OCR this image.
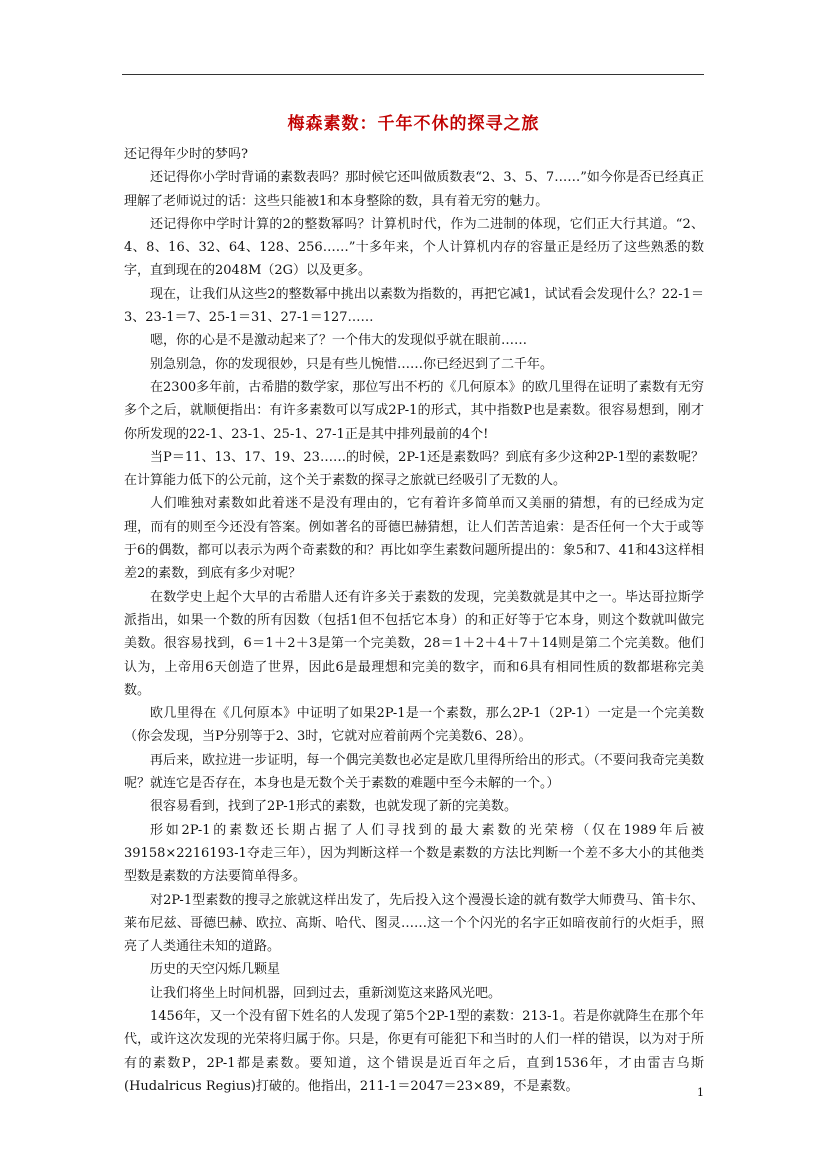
梅森素数：千年不休的探寻之旅

还记得年少时的梦吗?

还记得你小学时背诵的素数表吗？那时候它还叫做质数表“2、3、5、7……”如今你是否已经真正理解了老师说过的话：这些只能被1和本身整除的数，具有着无穷的魅力。

还记得你中学时计算的2的整数幂吗？计算机时代，作为二进制的体现，它们正大行其道。“2、4、8、16、32、64、128、256……”十多年来，个人计算机内存的容量正是经历了这些熟悉的数字，直到现在的2048M（2G）以及更多。

现在，让我们从这些2的整数幂中挑出以素数为指数的，再把它减1，试试看会发现什么？22-1＝3、23-1＝7、25-1＝31、27-1＝127……

嗯，你的心是不是激动起来了？一个伟大的发现似乎就在眼前……

别急别急，你的发现很妙，只是有些儿惋惜……你已经迟到了二千年。

在2300多年前，古希腊的数学家，那位写出不朽的《几何原本》的欧几里得在证明了素数有无穷多个之后，就顺便指出：有许多素数可以写成2P-1的形式，其中指数P也是素数。很容易想到，刚才你所发现的22-1、23-1、25-1、27-1正是其中排列最前的4个!

当P＝11、13、17、19、23……的时候，2P-1还是素数吗？到底有多少这种2P-1型的素数呢？在计算能力低下的公元前，这个关于素数的探寻之旅就已经吸引了无数的人。

人们唯独对素数如此着迷不是没有理由的，它有着许多简单而又美丽的猜想，有的已经成为定理，而有的则至今还没有答案。例如著名的哥德巴赫猜想，让人们苦苦追索：是否任何一个大于或等于6的偶数，都可以表示为两个奇素数的和？再比如孪生素数问题所提出的：象5和7、41和43这样相差2的素数，到底有多少对呢？

在数学史上起个大早的古希腊人还有许多关于素数的发现，完美数就是其中之一。毕达哥拉斯学派指出，如果一个数的所有因数（包括1但不包括它本身）的和正好等于它本身，则这个数就叫做完美数。很容易找到，6＝1＋2＋3是第一个完美数，28＝1＋2＋4＋7＋14则是第二个完美数。他们认为，上帝用6天创造了世界，因此6是最理想和完美的数字，而和6具有相同性质的数都堪称完美数。

欧几里得在《几何原本》中证明了如果2P-1是一个素数，那么2P-1（2P-1）一定是一个完美数（你会发现，当P分别等于2、3时，它就对应着前两个完美数6、28）。

再后来，欧拉进一步证明，每一个偶完美数也必定是欧几里得所给出的形式。（不要问我奇完美数呢？就连它是否存在，本身也是无数个关于素数的难题中至今未解的一个。）

很容易看到，找到了2P-1形式的素数，也就发现了新的完美数。

形如2P-1的素数还长期占据了人们寻找到的最大素数的光荣榜（仅在1989年后被39158×2216193-1夺走三年），因为判断这样一个数是素数的方法比判断一个差不多大小的其他类型数是素数的方法要简单得多。

对2P-1型素数的搜寻之旅就这样出发了，先后投入这个漫漫长途的就有数学大师费马、笛卡尔、莱布尼兹、哥德巴赫、欧拉、高斯、哈代、图灵……这一个个闪光的名字正如暗夜前行的火炬手，照亮了人类通往未知的道路。

历史的天空闪烁几颗星

让我们将坐上时间机器，回到过去，重新浏览这来路风光吧。

1456年，又一个没有留下姓名的人发现了第5个2P-1型的素数：213-1。若是你就降生在那个年代，或许这次发现的光荣将归属于你。只是，你更有可能犯下和当时的人们一样的错误，以为对于所有的素数P，2P-1都是素数。要知道，这个错误是近百年之后，直到1536年，才由雷吉乌斯(Hudalricus Regius)打破的。他指出，211-1＝2047＝23×89，不是素数。	1
